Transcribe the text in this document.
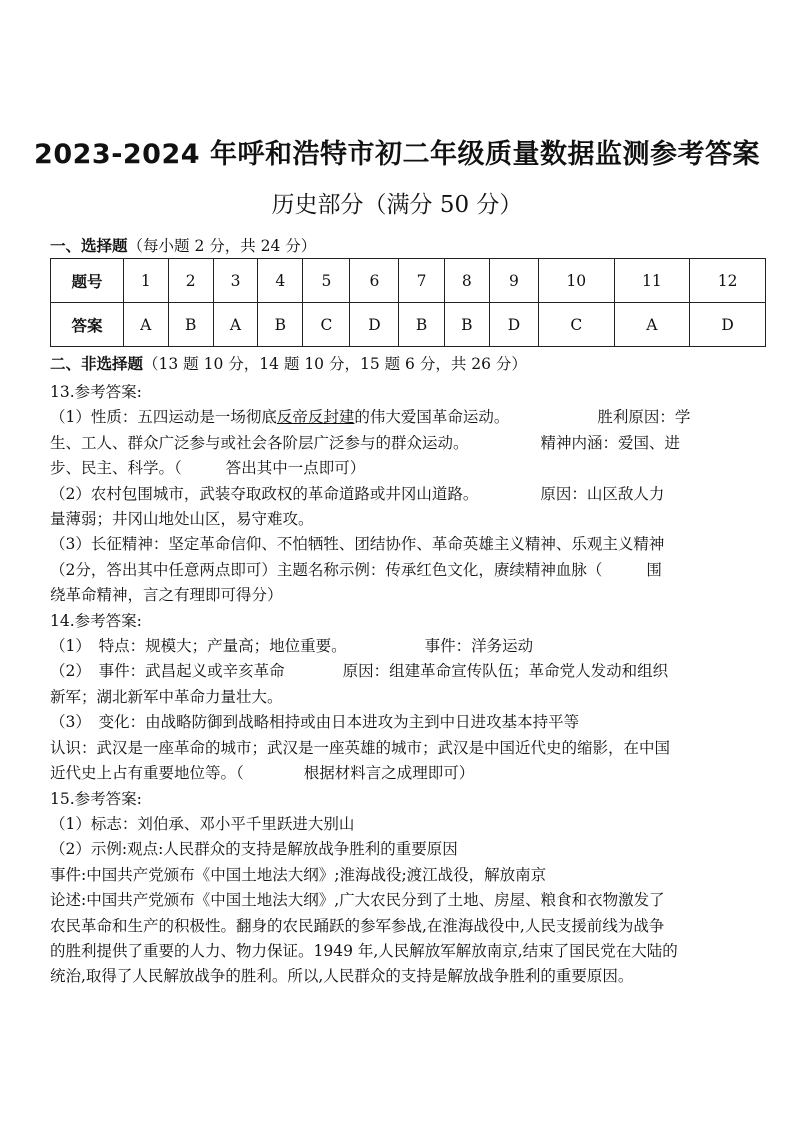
2023-2024 年呼和浩特市初二年级质量数据监测参考答案
历史部分（满分 50 分）
一、选择题（每小题 2 分，共 24 分）
题号	1	2	3	4	5	6	7	8	9	10	11	12
答案	A	B	A	B	C	D	B	B	D	C	A	D
二、非选择题（13 题 10 分，14 题 10 分，15 题 6 分，共 26 分）

13.参考答案:

（1）性质：五四运动是一场彻底反帝反封建的伟大爱国革命运动。	胜利原因：学

生、工人、群众广泛参与或社会各阶层广泛参与的群众运动。	精神内涵：爱国、进

步、民主、科学。（	答出其中一点即可）

（2）农村包围城市，武装夺取政权的革命道路或井冈山道路。	原因：山区敌人力

量薄弱；井冈山地处山区，易守难攻。

（3）长征精神：坚定革命信仰、不怕牺牲、团结协作、革命英雄主义精神、乐观主义精神

（2分，答出其中任意两点即可）主题名称示例：传承红色文化，赓续精神血脉（	围

绕革命精神，言之有理即可得分）

14.参考答案:

（1）　特点：规模大；产量高；地位重要。	事件：洋务运动

（2）　事件：武昌起义或辛亥革命	原因：组建革命宣传队伍；革命党人发动和组织

新军；湖北新军中革命力量壮大。

（3）　变化：由战略防御到战略相持或由日本进攻为主到中日进攻基本持平等

认识：武汉是一座革命的城市；武汉是一座英雄的城市；武汉是中国近代史的缩影，在中国

近代史上占有重要地位等。（	根据材料言之成理即可）

15.参考答案:

（1）标志：刘伯承、邓小平千里跃进大别山

（2）示例:观点:人民群众的支持是解放战争胜利的重要原因

事件:中国共产党颁布《中国土地法大纲》;淮海战役;渡江战役，解放南京

论述:中国共产党颁布《中国土地法大纲》,广大农民分到了土地、房屋、粮食和衣物激发了

农民革命和生产的积极性。翻身的农民踊跃的参军参战,在淮海战役中,人民支援前线为战争

的胜利提供了重要的人力、物力保证。1949 年,人民解放军解放南京,结束了国民党在大陆的

统治,取得了人民解放战争的胜利。所以,人民群众的支持是解放战争胜利的重要原因。
